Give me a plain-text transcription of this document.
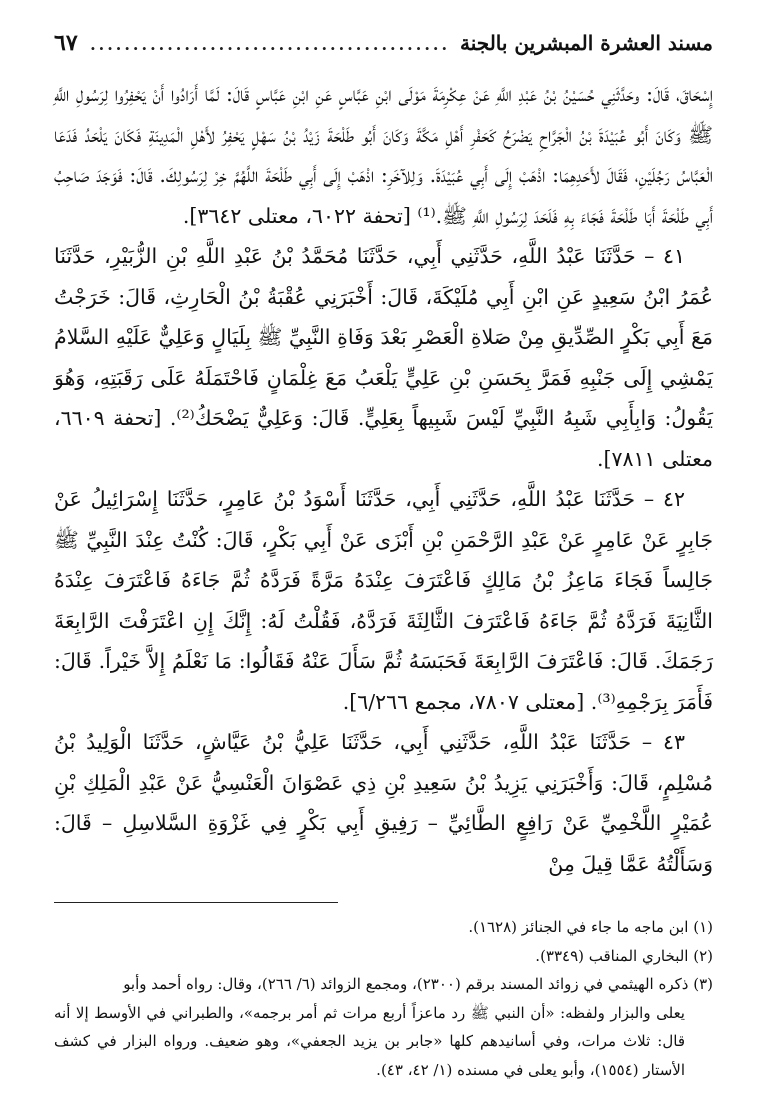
مسند العشرة المبشرين بالجنة
.....
٦٧

إِسْحَاقَ، قَالَ: وحَدَّثَنِي حُسَيْنُ بْنُ عَبْدِ اللَّهِ عَنْ عِكْرِمَةَ مَوْلَى ابْنِ عَبَّاسٍ عَنِ ابْنِ عَبَّاسٍ قَالَ: لَمَّا أَرَادُوا أَنْ يَحْفِرُوا لِرَسُولِ اللَّهِ ﷺ وَكَانَ أَبُو عُبَيْدَةَ بْنُ الْجَرَّاحِ يَضْرَحُ كَحَفْرِ أَهْلِ مَكَّةَ وَكَانَ أَبُو طَلْحَةَ زَيْدُ بْنُ سَهْلٍ يَحْفِرُ لأَهْلِ الْمَدِينَةِ فَكَانَ يَلْحَدُ فَدَعَا الْعَبَّاسُ رَجُلَيْنِ، فَقَالَ لأَحَدِهِمَا: اذْهَبْ إِلَى أَبِي عُبَيْدَةَ. وَلِلآخَرِ: اذْهَبْ إِلَى أَبِي طَلْحَةَ اللَّهُمَّ خِرْ لِرَسُولِكَ. قَالَ: فَوَجَدَ صَاحِبُ أَبِي طَلْحَةَ أَبَا طَلْحَةَ فَجَاءَ بِهِ فَلَحَدَ لِرَسُولِ اللَّهِ ﷺ.⁽¹⁾ [تحفة ٦٠٢٢، معتلى ٣٦٤٢].

٤١ – حَدَّثَنَا عَبْدُ اللَّهِ، حَدَّثَنِي أَبِي، حَدَّثَنَا مُحَمَّدُ بْنُ عَبْدِ اللَّهِ بْنِ الزُّبَيْرِ، حَدَّثَنَا عُمَرُ ابْنُ سَعِيدٍ عَنِ ابْنِ أَبِي مُلَيْكَةَ، قَالَ: أَخْبَرَنِي عُقْبَةُ بْنُ الْحَارِثِ، قَالَ: خَرَجْتُ مَعَ أَبِي بَكْرٍ الصِّدِّيقِ مِنْ صَلاةِ الْعَصْرِ بَعْدَ وَفَاةِ النَّبِيِّ ﷺ بِلَيَالٍ وَعَلِيٌّ عَلَيْهِ السَّلامُ يَمْشِي إِلَى جَنْبِهِ فَمَرَّ بِحَسَنِ بْنِ عَلِيٍّ يَلْعَبُ مَعَ غِلْمَانٍ فَاحْتَمَلَهُ عَلَى رَقَبَتِهِ، وَهُوَ يَقُولُ: وَابِأَبِي شَبِهُ النَّبِيِّ لَيْسَ شَبِيهاً بِعَلِيٍّ. قَالَ: وَعَلِيٌّ يَضْحَكُ⁽²⁾. [تحفة ٦٦٠٩، معتلى ٧٨١١].

٤٢ – حَدَّثَنَا عَبْدُ اللَّهِ، حَدَّثَنِي أَبِي، حَدَّثَنَا أَسْوَدُ بْنُ عَامِرٍ، حَدَّثَنَا إِسْرَائِيلُ عَنْ جَابِرٍ عَنْ عَامِرٍ عَنْ عَبْدِ الرَّحْمَنِ بْنِ أَبْزَى عَنْ أَبِي بَكْرٍ، قَالَ: كُنْتُ عِنْدَ النَّبِيِّ ﷺ جَالِساً فَجَاءَ مَاعِزُ بْنُ مَالِكٍ فَاعْتَرَفَ عِنْدَهُ مَرَّةً فَرَدَّهُ ثُمَّ جَاءَهُ فَاعْتَرَفَ عِنْدَهُ الثَّانِيَةَ فَرَدَّهُ ثُمَّ جَاءَهُ فَاعْتَرَفَ الثَّالِثَةَ فَرَدَّهُ، فَقُلْتُ لَهُ: إِنَّكَ إِنِ اعْتَرَفْتَ الرَّابِعَةَ رَجَمَكَ. قَالَ: فَاعْتَرَفَ الرَّابِعَةَ فَحَبَسَهُ ثُمَّ سَأَلَ عَنْهُ فَقَالُوا: مَا نَعْلَمُ إِلاَّ خَيْراً. قَالَ: فَأَمَرَ بِرَجْمِهِ⁽³⁾. [معتلى ٧٨٠٧، مجمع ٦/٢٦٦].

٤٣ – حَدَّثَنَا عَبْدُ اللَّهِ، حَدَّثَنِي أَبِي، حَدَّثَنَا عَلِيُّ بْنُ عَيَّاشٍ، حَدَّثَنَا الْوَلِيدُ بْنُ مُسْلِمٍ، قَالَ: وَأَخْبَرَنِي يَزِيدُ بْنُ سَعِيدِ بْنِ ذِي عَصْوَانَ الْعَنْسِيُّ عَنْ عَبْدِ الْمَلِكِ بْنِ عُمَيْرٍ اللَّخْمِيِّ عَنْ رَافِعٍ الطَّائِيِّ – رَفِيقِ أَبِي بَكْرٍ فِي غَزْوَةِ السَّلاسِلِ – قَالَ: وَسَأَلْتُهُ عَمَّا قِيلَ مِنْ

(١) ابن ماجه ما جاء في الجنائز (١٦٢٨).

(٢) البخاري المناقب (٣٣٤٩).

(٣) ذكره الهيثمي في زوائد المسند برقم (٢٣٠٠)، ومجمع الزوائد (٦/ ٢٦٦)، وقال: رواه أحمد وأبو

يعلى والبزار ولفظه: «أن النبي ﷺ رد ماعزاً أربع مرات ثم أمر برجمه»، والطبراني في الأوسط إلا أنه قال: ثلاث مرات، وفي أسانيدهم كلها «جابر بن يزيد الجعفي»، وهو ضعيف. ورواه البزار في كشف الأستار (١٥٥٤)، وأبو يعلى في مسنده (١/ ٤٢، ٤٣).
